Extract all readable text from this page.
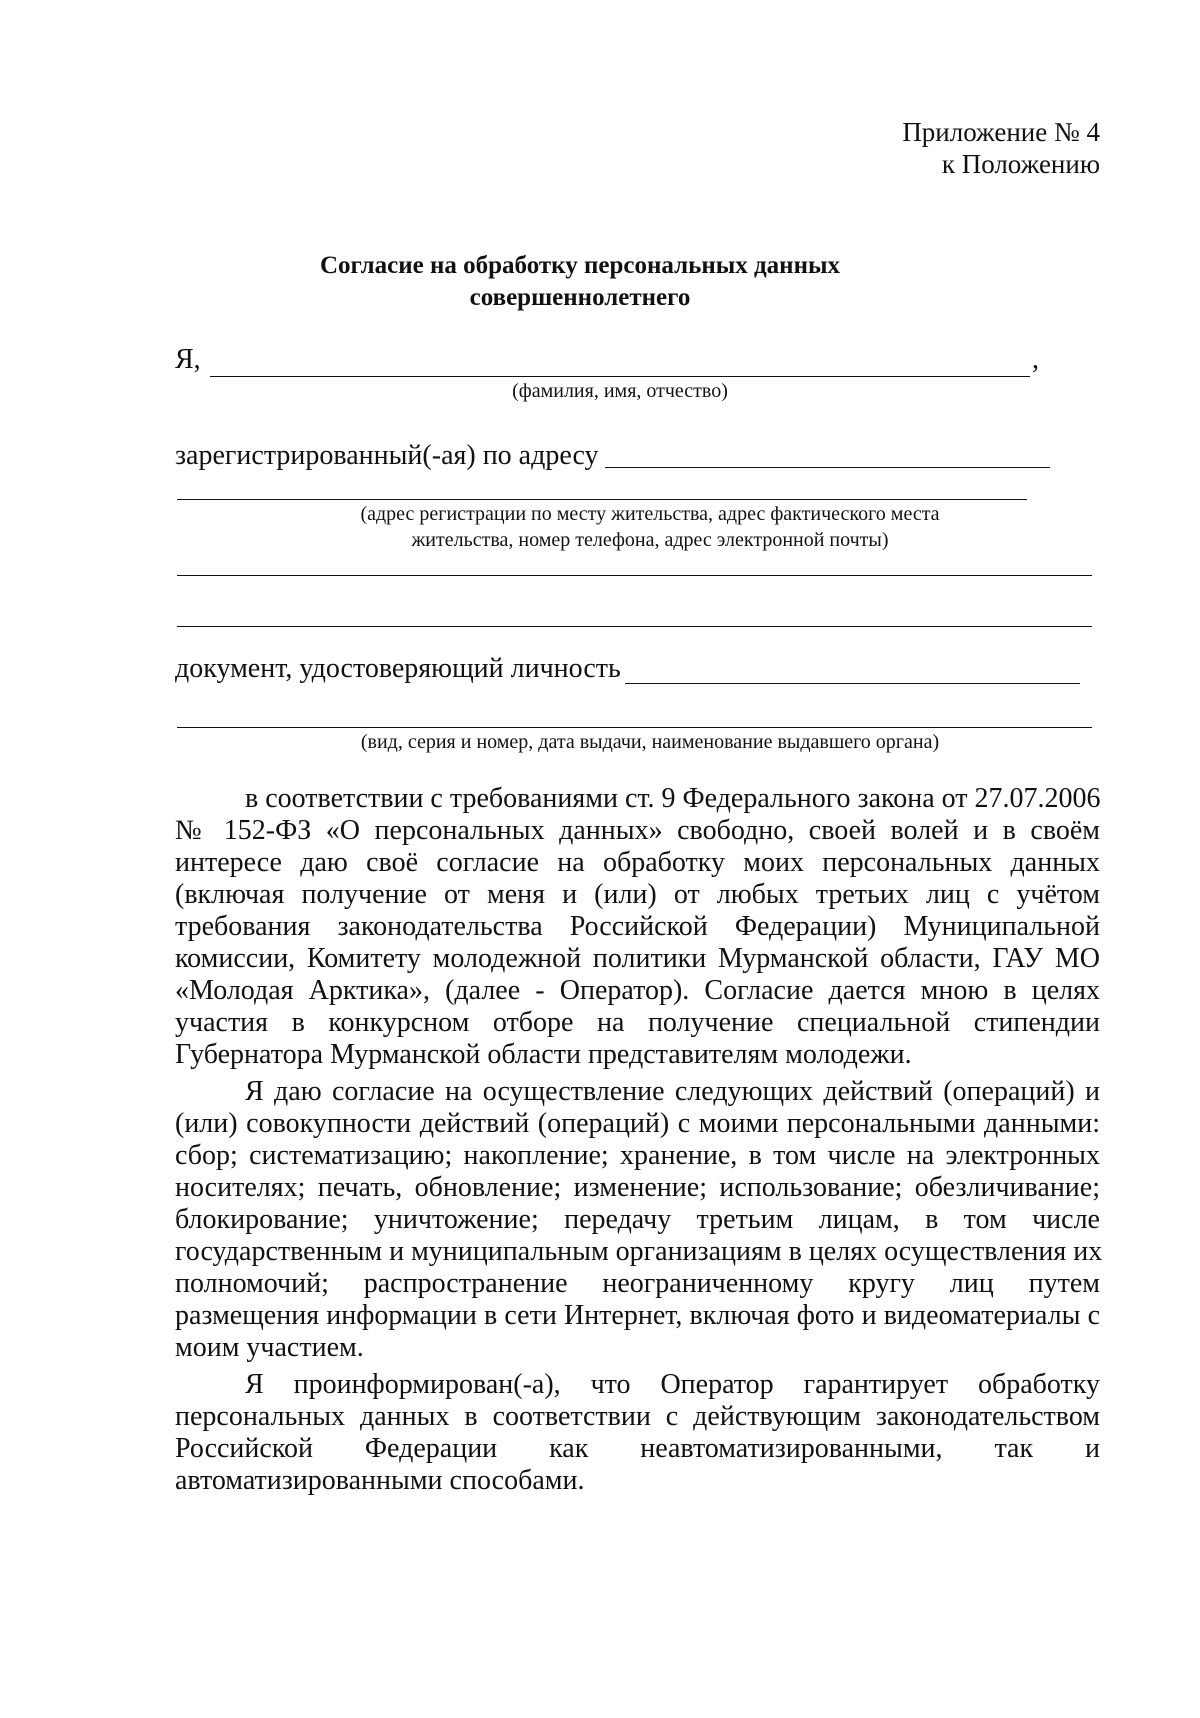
Приложение № 4
к Положению
Согласие на обработку персональных данных
совершеннолетнего
Я,	,
(фамилия, имя, отчество)
зарегистрированный(-ая) по адресу
(адрес регистрации по месту жительства, адрес фактического места
жительства, номер телефона, адрес электронной почты)
документ, удостоверяющий личность
(вид, серия и номер, дата выдачи, наименование выдавшего органа)
в соответствии с требованиями ст. 9 Федерального закона от 27.07.2006
№ 152-ФЗ «О персональных данных» свободно, своей волей и в своём
интересе даю своё согласие на обработку моих персональных данных
(включая получение от меня и (или) от любых третьих лиц с учётом
требования законодательства Российской Федерации) Муниципальной
комиссии, Комитету молодежной политики Мурманской области, ГАУ МО
«Молодая Арктика», (далее - Оператор). Согласие дается мною в целях
участия в конкурсном отборе на получение специальной стипендии
Губернатора Мурманской области представителям молодежи.
Я даю согласие на осуществление следующих действий (операций) и
(или) совокупности действий (операций) с моими персональными данными:
сбор; систематизацию; накопление; хранение, в том числе на электронных
носителях; печать, обновление; изменение; использование; обезличивание;
блокирование; уничтожение; передачу третьим лицам, в том числе
государственным и муниципальным организациям в целях осуществления их
полномочий; распространение неограниченному кругу лиц путем
размещения информации в сети Интернет, включая фото и видеоматериалы с
моим участием.
Я проинформирован(-а), что Оператор гарантирует обработку
персональных данных в соответствии с действующим законодательством
Российской Федерации как неавтоматизированными, так и
автоматизированными способами.
